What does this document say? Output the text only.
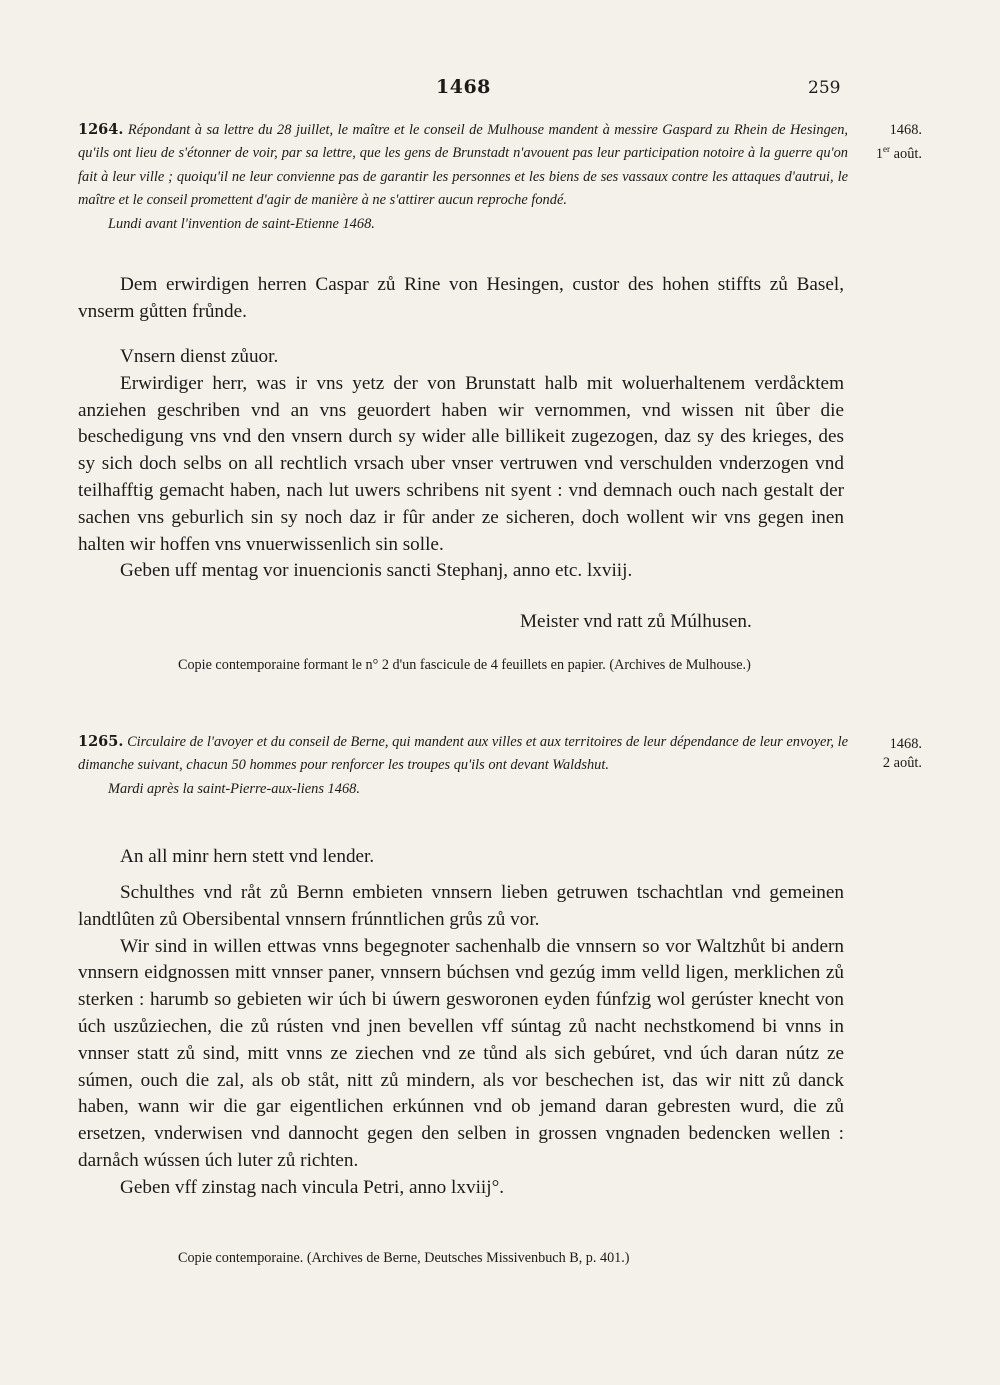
1468	259

1264. Répondant à sa lettre du 28 juillet, le maître et le conseil de Mulhouse mandent à messire Gaspard zu Rhein de Hesingen, qu'ils ont lieu de s'étonner de voir, par sa lettre, que les gens de Brunstadt n'avouent pas leur participation notoire à la guerre qu'on fait à leur ville ; quoiqu'il ne leur convienne pas de garantir les personnes et les biens de ses vassaux contre les attaques d'autrui, le maître et le conseil promettent d'agir de manière à ne s'attirer aucun reproche fondé.

Lundi avant l'invention de saint-Etienne 1468.

1468.
1er août.

Dem erwirdigen herren Caspar zů Rine von Hesingen, custor des hohen stiffts zů Basel, vnserm gůtten frůnde.

Vnsern dienst zůuor.

Erwirdiger herr, was ir vns yetz der von Brunstatt halb mit woluerhaltenem verdåcktem anziehen geschriben vnd an vns geuordert haben wir vernommen, vnd wissen nit ûber die beschedigung vns vnd den vnsern durch sy wider alle billikeit zugezogen, daz sy des krieges, des sy sich doch selbs on all rechtlich vrsach uber vnser vertruwen vnd verschulden vnderzogen vnd teilhafftig gemacht haben, nach lut uwers schribens nit syent : vnd demnach ouch nach gestalt der sachen vns geburlich sin sy noch daz ir fûr ander ze sicheren, doch wollent wir vns gegen inen halten wir hoffen vns vnuerwissenlich sin solle.

Geben uff mentag vor inuencionis sancti Stephanj, anno etc. lxviij.

Meister vnd ratt zů Múlhusen.
Copie contemporaine formant le n° 2 d'un fascicule de 4 feuillets en papier. (Archives de Mulhouse.)

1265. Circulaire de l'avoyer et du conseil de Berne, qui mandent aux villes et aux territoires de leur dépendance de leur envoyer, le dimanche suivant, chacun 50 hommes pour renforcer les troupes qu'ils ont devant Waldshut.

Mardi après la saint-Pierre-aux-liens 1468.

1468.
2 août.

An all minr hern stett vnd lender.

Schulthes vnd råt zů Bernn embieten vnnsern lieben getruwen tschachtlan vnd gemeinen landtlûten zů Obersibental vnnsern frúnntlichen grůs zů vor.

Wir sind in willen ettwas vnns begegnoter sachenhalb die vnnsern so vor Waltzhůt bi andern vnnsern eidgnossen mitt vnnser paner, vnnsern búchsen vnd gezúg imm velld ligen, merklichen zů sterken : harumb so gebieten wir úch bi úwern gesworonen eyden fúnfzig wol gerúster knecht von úch uszůziechen, die zů rústen vnd jnen bevellen vff súntag zů nacht nechstkomend bi vnns in vnnser statt zů sind, mitt vnns ze ziechen vnd ze tůnd als sich gebúret, vnd úch daran nútz ze súmen, ouch die zal, als ob ståt, nitt zů mindern, als vor beschechen ist, das wir nitt zů danck haben, wann wir die gar eigentlichen erkúnnen vnd ob jemand daran gebresten wurd, die zů ersetzen, vnderwisen vnd dannocht gegen den selben in grossen vngnaden bedencken wellen : darnåch wússen úch luter zů richten.

Geben vff zinstag nach vincula Petri, anno lxviij°.

Copie contemporaine. (Archives de Berne, Deutsches Missivenbuch B, p. 401.)
